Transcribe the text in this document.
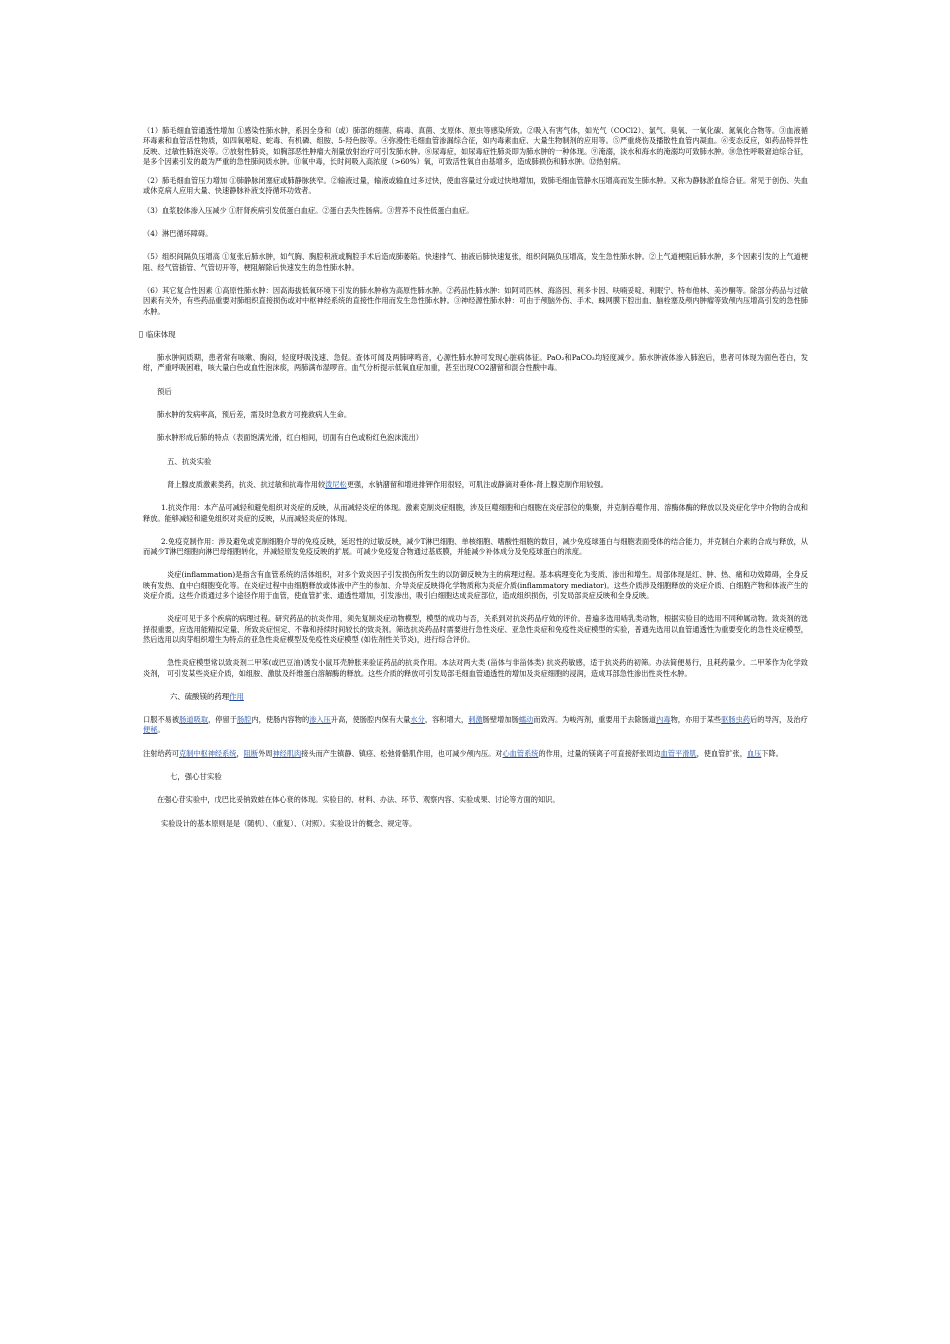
（1）肺毛细血管通透性增加 ①感染性肺水肿，系因全身和（或）肺部的细菌、病毒、真菌、支原体、原虫等感染所致。②吸入有害气体，如光气（COCl2）、氯气、臭氧、一氧化碳、氮氧化合物等。③血液循环毒素和血管活性物质，如四氧嘧啶、蛇毒、有机磷、组胺、5-羟色胺等。④弥漫性毛细血管渗漏综合征，如内毒素血症、大量生物制剂的应用等。⑤严重烧伤及播散性血管内凝血。⑥变态反应，如药品特异性反映、过敏性肺泡炎等。⑦放射性肺炎，如胸部恶性肿瘤大剂量放射治疗可引发肺水肿。⑧尿毒症，如尿毒症性肺炎即为肺水肿的一种体现。⑨淹溺，淡水和海水的淹溺均可致肺水肿。⑩急性呼吸窘迫综合征，是多个因素引发的最为严重的急性肺间质水肿。⑪氧中毒，长时间吸入高浓度（>60%）氧，可致活性氧自由基增多，造成肺损伤和肺水肿。⑫热射病。

（2）肺毛细血管压力增加 ①肺静脉闭塞症或肺静脉狭窄。②输液过量，输液或输血过多过快，使血容量过分或过快地增加，致肺毛细血管静水压增高而发生肺水肿。又称为静脉淤血综合征。常见于创伤、失血或休克病人应用大量、快速静脉补液支持循环功效者。

（3）血浆胶体渗入压减少 ①肝肾疾病引发低蛋白血症。②蛋白丢失性肠病。③营养不良性低蛋白血症。

（4）淋巴循环障碍。

（5）组织间隔负压增高 ①复张后肺水肿，如气胸、胸腔积液或胸腔手术后造成肺萎陷。快速排气、抽液后肺快速复张，组织间隔负压增高，发生急性肺水肿。②上气道梗阻后肺水肿，多个因素引发的上气道梗阻、经气管插管、气管切开等，梗阻解除后快速发生的急性肺水肿。

（6）其它复合性因素 ①高原性肺水肿：因高海拔低氧环境下引发的肺水肿称为高原性肺水肿。②药品性肺水肿：如阿司匹林、海洛因、利多卡因、呋喃妥啶、利眠宁、特布他林、美沙酮等。除部分药品与过敏因素有关外，有些药品重要对肺组织直接损伤或对中枢神经系统的直接性作用而发生急性肺水肿。③神经源性肺水肿：可由于颅脑外伤、手术、蛛网膜下腔出血、脑栓塞及颅内肿瘤等致颅内压增高引发的急性肺水肿。

临床体现

肺水肿间质期，患者常有咳嗽、胸闷，轻度呼吸浅速、急促。查体可闻及两肺哮鸣音，心源性肺水肿可发现心脏病体征。PaO₂和PaCO₂均轻度减少。肺水肿液体渗入肺泡后，患者可体现为面色苍白，发绀，严重呼吸困难，咳大量白色或血性泡沫痰，两肺满布湿啰音。血气分析提示低氧血症加重，甚至出现CO2潴留和混合性酸中毒。

预后

肺水肿的发病率高，预后差，需及时急救方可挽救病人生命。

肺水肿形成后肺的特点（表面饱满光滑，红白相间，切面有白色或粉红色泡沫流出）

五、抗炎实验

肾上腺皮质激素类药，抗炎、抗过敏和抗毒作用较泼尼松更强，水钠潴留和增进排钾作用很轻，可肌注或静滴对垂体-肾上腺克制作用较强。

1.抗炎作用：本产品可减轻和避免组织对炎症的反映，从而减轻炎症的体现。激素克制炎症细胞，涉及巨噬细胞和白细胞在炎症部位的集聚，并克制吞噬作用、溶酶体酶的释放以及炎症化学中介物的合成和释放。能够减轻和避免组织对炎症的反映，从而减轻炎症的体现。

2.免疫克制作用：涉及避免或克制细胞介导的免疫反映，延迟性的过敏反映，减少T淋巴细胞、单核细胞、嗜酸性细胞的数目，减少免疫球蛋白与细胞表面受体的结合能力，并克制白介素的合成与释放，从而减少T淋巴细胞向淋巴母细胞转化，并减轻原发免疫反映的扩展。可减少免疫复合物通过基底膜，并能减少补体成分及免疫球蛋白的浓度。

炎症(inflammation)是指含有血管系统的活体组织，对多个致炎因子引发损伤所发生的以防御反映为主的病理过程。基本病理变化为变质、渗出和增生。局部体现是红、肿、热、痛和功效障碍，全身反映有发热、血中白细胞变化等。在炎症过程中由细胞释放或体液中产生的参加、介导炎症反映得化学物质称为炎症介质(inflammatory mediator)。这些介质涉及细胞释放的炎症介质、白细胞产物和体液产生的炎症介质。这些介质通过多个途径作用于血管，使血管扩张、通透性增加，引发渗出，吸引白细胞达成炎症部位，造成组织损伤，引发局部炎症反映和全身反映。

炎症可见于多个疾病的病理过程。研究药品的抗炎作用，须先复制炎症动物模型，模型的成功与否，关系到对抗炎药品疗效的评价。普遍多选用啮乳类动物，根据实验目的选用不同种属动物。致炎剂的选择很重要，应选用能精拟定量、所致炎症恒定、不靠和持续时间较长的致炎剂。筛选抗炎药品时需要进行急性炎症、亚急性炎症和免疫性炎症模型的实验，普通先选用以血管通透性为重要变化的急性炎症模型，然后选用以肉芽组织增生为特点的亚急性炎症模型及免疫性炎症模型 (如佐剂性关节炎)，进行综合评价。

急性炎症模型常以致炎剂二甲苯(或巴豆油)诱发小鼠耳壳肿胀来验证药品的抗炎作用。本法对两大类 (甾体与非甾体类) 抗炎药敏感，适于抗炎药的初筛。办法简便易行，且耗药量少。二甲苯作为化学致炎剂， 可引发某些炎症介质，如组胺、激肽及纤维蛋白溶解酶的释放。这些介质的释放可引发局部毛细血管通透性的增加及炎症细胞的浸润，造成耳部急性渗出性炎性水肿。

六、硫酸镁的药理作用

口服不易被肠道吸取，停留于肠腔内，使肠内容物的渗入压升高，使肠腔内保有大量水分，容积增大，刺激肠壁增加肠蠕动而致泻。为峻泻剂，重要用于去除肠道内毒物，亦用于某些驱肠虫药后的导泻，及治疗便秘。

注射给药可克制中枢神经系统，阻断外周神经肌肉接头而产生镇静、镇痉、松弛骨骼肌作用，也可减少颅内压。对心血管系统的作用，过量的镁离子可直接舒张周边血管平滑肌，使血管扩张，血压下降。

七，强心甘实验

在强心苷实验中，戊巴比妥钠致蛙在体心衰的体现。实验目的、材料、办法、环节、观察内容、实验成果、讨论等方面的知识。

实验设计的基本原则是是（随机）、（重复）、（对照）。实验设计的概念、规定等。
